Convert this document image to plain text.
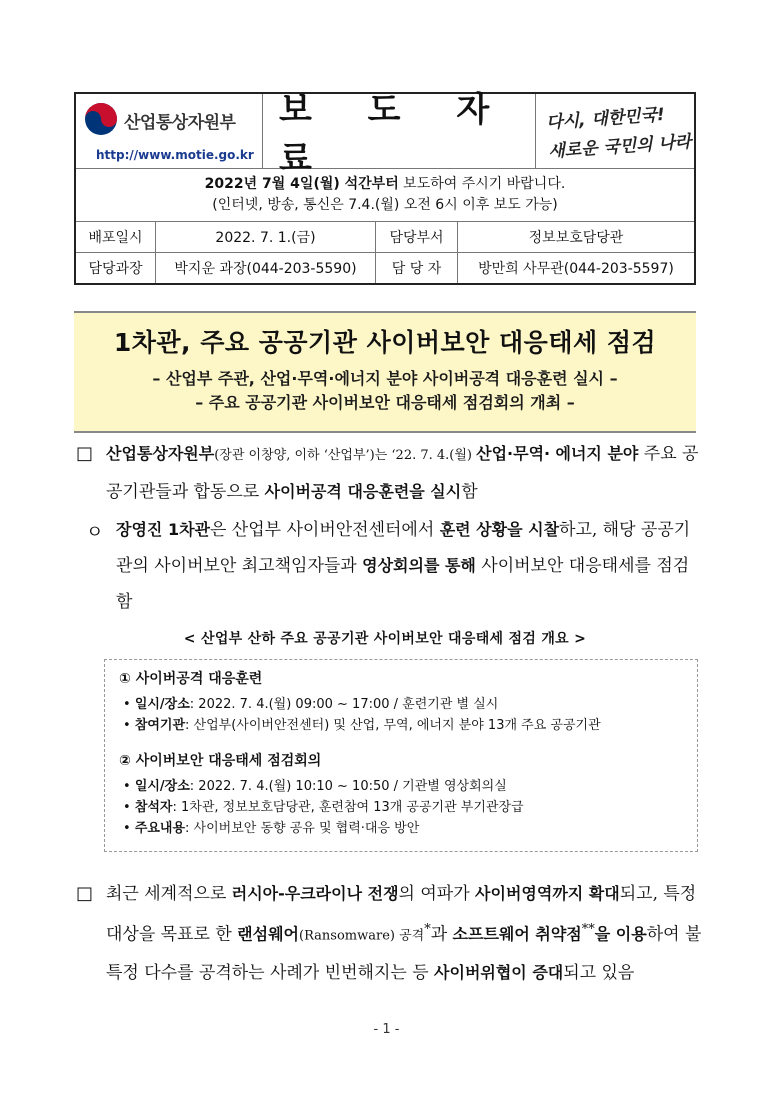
산업통상자원부
http://www.motie.go.kr
보 도 자 료
다시, 대한민국!
새로운 국민의 나라
2022년 7월 4일(월) 석간부터 보도하여 주시기 바랍니다.
(인터넷, 방송, 통신은 7.4.(월) 오전 6시 이후 보도 가능)
배포일시	2022. 7. 1.(금)	담당부서	정보보호담당관
담당과장	박지운 과장(044-203-5590)	담 당 자	방만희 사무관(044-203-5597)
1차관, 주요 공공기관 사이버보안 대응태세 점검
– 산업부 주관, 산업·무역·에너지 분야 사이버공격 대응훈련 실시 –
– 주요 공공기관 사이버보안 대응태세 점검회의 개최 –
□ 산업통상자원부(장관 이창양, 이하 ‘산업부’)는 ‘22. 7. 4.(월) 산업·무역· 에너지 분야 주요 공공기관들과 합동으로 사이버공격 대응훈련을 실시함
ㅇ 장영진 1차관은 산업부 사이버안전센터에서 훈련 상황을 시찰하고, 해당 공공기관의 사이버보안 최고책임자들과 영상회의를 통해 사이버보안 대응태세를 점검함
< 산업부 산하 주요 공공기관 사이버보안 대응태세 점검 개요 >
① 사이버공격 대응훈련
• 일시/장소: 2022. 7. 4.(월) 09:00 ~ 17:00 / 훈련기관 별 실시
• 참여기관: 산업부(사이버안전센터) 및 산업, 무역, 에너지 분야 13개 주요 공공기관
② 사이버보안 대응태세 점검회의
• 일시/장소: 2022. 7. 4.(월) 10:10 ~ 10:50 / 기관별 영상회의실
• 참석자: 1차관, 정보보호담당관, 훈련참여 13개 공공기관 부기관장급
• 주요내용: 사이버보안 동향 공유 및 협력·대응 방안
□ 최근 세계적으로 러시아-우크라이나 전쟁의 여파가 사이버영역까지 확대되고, 특정 대상을 목표로 한 랜섬웨어(Ransomware) 공격*과 소프트웨어 취약점**을 이용하여 불특정 다수를 공격하는 사례가 빈번해지는 등 사이버위협이 증대되고 있음
- 1 -
